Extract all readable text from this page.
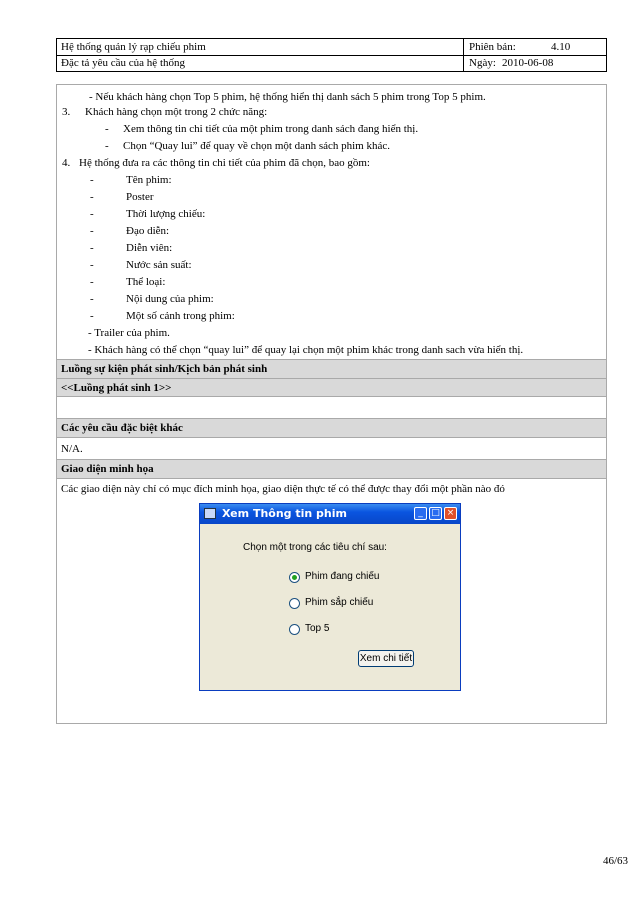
Hệ thống quản lý rạp chiếu phim	Phiên bản:	4.10
Đặc tả yêu cầu của hệ thống	Ngày: 2010-06-08
- Nếu khách hàng chọn Top 5 phim, hệ thống hiển thị danh sách 5 phim trong Top 5 phim.
3. Khách hàng chọn một trong 2 chức năng:
- Xem thông tin chi tiết của một phim trong danh sách đang hiển thị.
- Chọn “Quay lui” để quay về chọn một danh sách phim khác.
4. Hệ thống đưa ra các thông tin chi tiết của phim đã chọn, bao gồm:
-	Tên phim:
-	Poster
-	Thời lượng chiếu:
-	Đạo diễn:
-	Diễn viên:
-	Nước sản suất:
-	Thể loại:
-	Nội dung của phim:
-	Một số cảnh trong phim:
- Trailer của phim.
- Khách hàng có thể chọn “quay lui” để quay lại chọn một phim khác trong danh sach vừa hiển thị.
Luồng sự kiện phát sinh/Kịch bản phát sinh
<<Luồng phát sinh 1>>
Các yêu cầu đặc biệt khác
N/A.
Giao diện minh họa
Các giao diện này chỉ có mục đích minh họa, giao diện thực tế có thể được thay đổi một phần nào đó
Xem Thông tin phim	_ □ ×
Chọn một trong các tiêu chí sau:
Phim đang chiếu
Phim sắp chiếu
Top 5
Xem chi tiết
46/63
